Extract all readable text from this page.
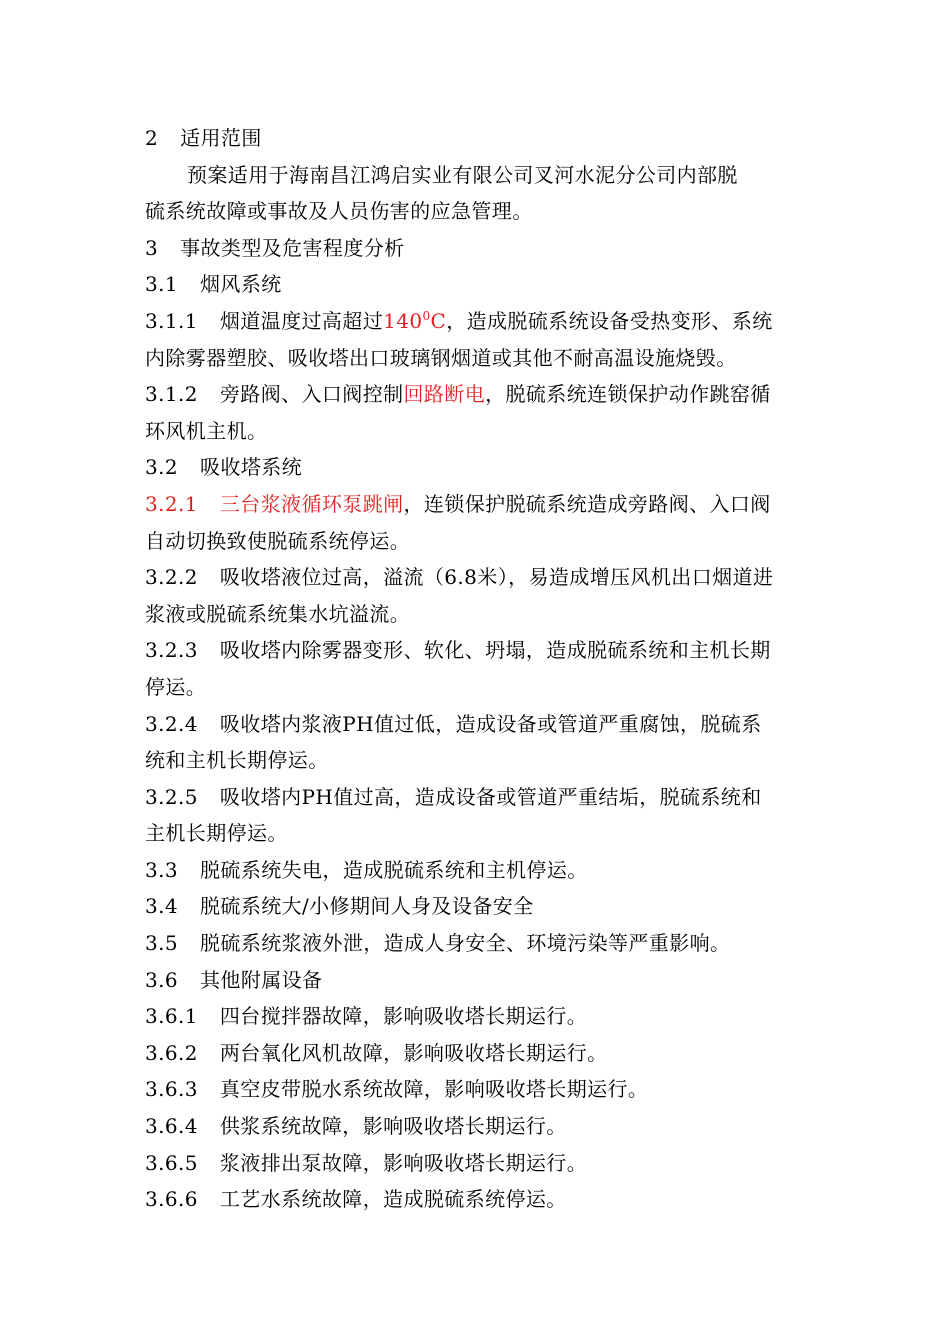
2 适用范围
预案适用于海南昌江鸿启实业有限公司叉河水泥分公司内部脱
硫系统故障或事故及人员伤害的应急管理。
3 事故类型及危害程度分析
3.1 烟风系统
3.1.1 烟道温度过高超过$140^0C$，造成脱硫系统设备受热变形、系统
内除雾器塑胶、吸收塔出口玻璃钢烟道或其他不耐高温设施烧毁。
3.1.2 旁路阀、入口阀控制回路断电，脱硫系统连锁保护动作跳窑循
环风机主机。
3.2 吸收塔系统
3.2.1 三台浆液循环泵跳闸，连锁保护脱硫系统造成旁路阀、入口阀
自动切换致使脱硫系统停运。
3.2.2 吸收塔液位过高，溢流（6.8米），易造成增压风机出口烟道进
浆液或脱硫系统集水坑溢流。
3.2.3 吸收塔内除雾器变形、软化、坍塌，造成脱硫系统和主机长期
停运。
3.2.4 吸收塔内浆液PH值过低，造成设备或管道严重腐蚀，脱硫系
统和主机长期停运。
3.2.5 吸收塔内PH值过高，造成设备或管道严重结垢，脱硫系统和
主机长期停运。
3.3 脱硫系统失电，造成脱硫系统和主机停运。
3.4 脱硫系统大/小修期间人身及设备安全
3.5 脱硫系统浆液外泄，造成人身安全、环境污染等严重影响。
3.6 其他附属设备
3.6.1 四台搅拌器故障，影响吸收塔长期运行。
3.6.2 两台氧化风机故障，影响吸收塔长期运行。
3.6.3 真空皮带脱水系统故障，影响吸收塔长期运行。
3.6.4 供浆系统故障，影响吸收塔长期运行。
3.6.5 浆液排出泵故障，影响吸收塔长期运行。
3.6.6 工艺水系统故障，造成脱硫系统停运。
